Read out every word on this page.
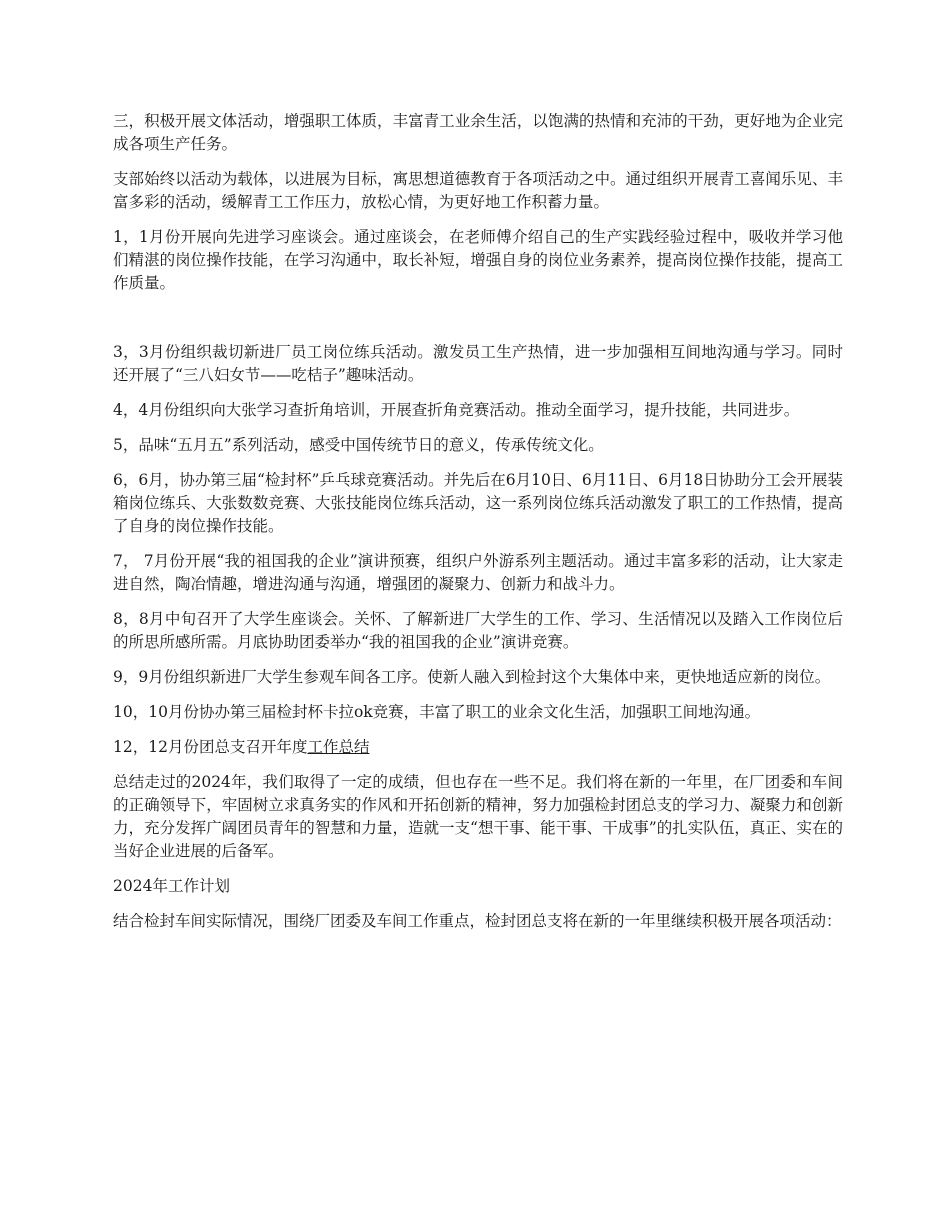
三，积极开展文体活动，增强职工体质，丰富青工业余生活，以饱满的热情和充沛的干劲，更好地为企业完成各项生产任务。

支部始终以活动为载体，以进展为目标，寓思想道德教育于各项活动之中。通过组织开展青工喜闻乐见、丰富多彩的活动，缓解青工工作压力，放松心情，为更好地工作积蓄力量。

1，1月份开展向先进学习座谈会。通过座谈会，在老师傅介绍自己的生产实践经验过程中，吸收并学习他们精湛的岗位操作技能，在学习沟通中，取长补短，增强自身的岗位业务素养，提高岗位操作技能，提高工作质量。

3，3月份组织裁切新进厂员工岗位练兵活动。激发员工生产热情，进一步加强相互间地沟通与学习。同时还开展了“三八妇女节——吃桔子”趣味活动。

4，4月份组织向大张学习查折角培训，开展查折角竞赛活动。推动全面学习，提升技能，共同进步。

5，品味“五月五”系列活动，感受中国传统节日的意义，传承传统文化。

6，6月，协办第三届“检封杯”乒乓球竞赛活动。并先后在6月10日、6月11日、6月18日协助分工会开展装箱岗位练兵、大张数数竞赛、大张技能岗位练兵活动，这一系列岗位练兵活动激发了职工的工作热情，提高了自身的岗位操作技能。

7， 7月份开展“我的祖国我的企业”演讲预赛，组织户外游系列主题活动。通过丰富多彩的活动，让大家走进自然，陶冶情趣，增进沟通与沟通，增强团的凝聚力、创新力和战斗力。

8，8月中旬召开了大学生座谈会。关怀、了解新进厂大学生的工作、学习、生活情况以及踏入工作岗位后的所思所感所需。月底协助团委举办“我的祖国我的企业”演讲竞赛。

9，9月份组织新进厂大学生参观车间各工序。使新人融入到检封这个大集体中来，更快地适应新的岗位。

10，10月份协办第三届检封杯卡拉ok竞赛，丰富了职工的业余文化生活，加强职工间地沟通。

12，12月份团总支召开年度工作总结

总结走过的2024年，我们取得了一定的成绩，但也存在一些不足。我们将在新的一年里，在厂团委和车间的正确领导下，牢固树立求真务实的作风和开拓创新的精神，努力加强检封团总支的学习力、凝聚力和创新力，充分发挥广阔团员青年的智慧和力量，造就一支“想干事、能干事、干成事”的扎实队伍，真正、实在的当好企业进展的后备军。

2024年工作计划

结合检封车间实际情况，围绕厂团委及车间工作重点，检封团总支将在新的一年里继续积极开展各项活动：
